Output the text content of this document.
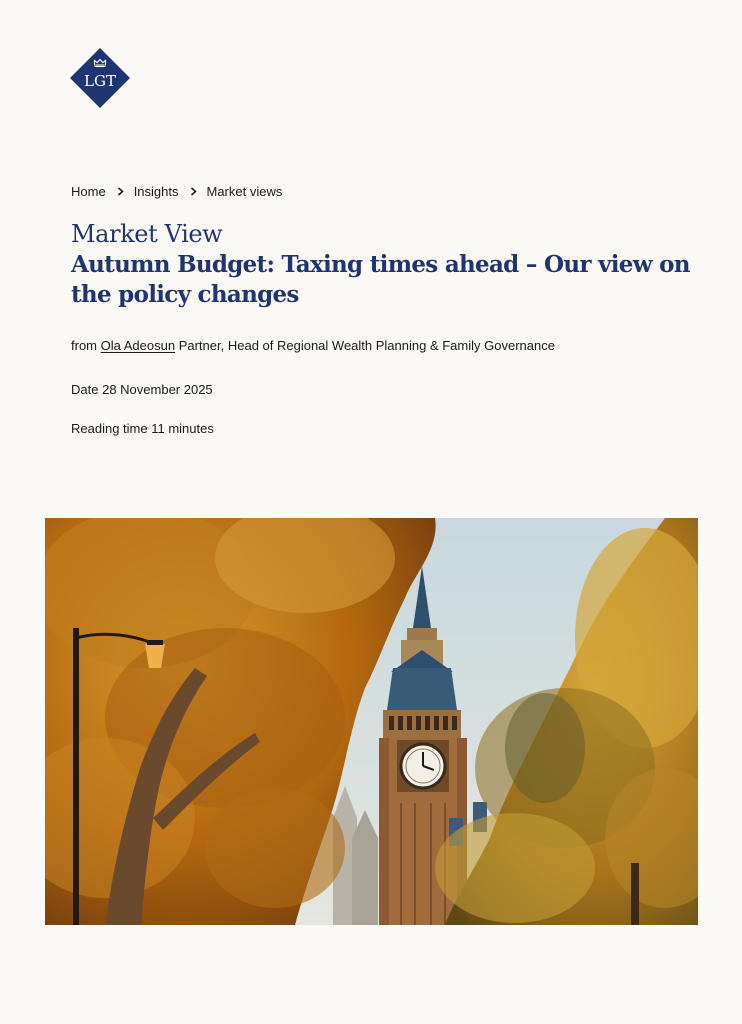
LGT
Home Insights Market views
Market View
Autumn Budget: Taxing times ahead – Our view on the policy changes
from Ola Adeosun Partner, Head of Regional Wealth Planning & Family Governance
Date 28 November 2025
Reading time 11 minutes
